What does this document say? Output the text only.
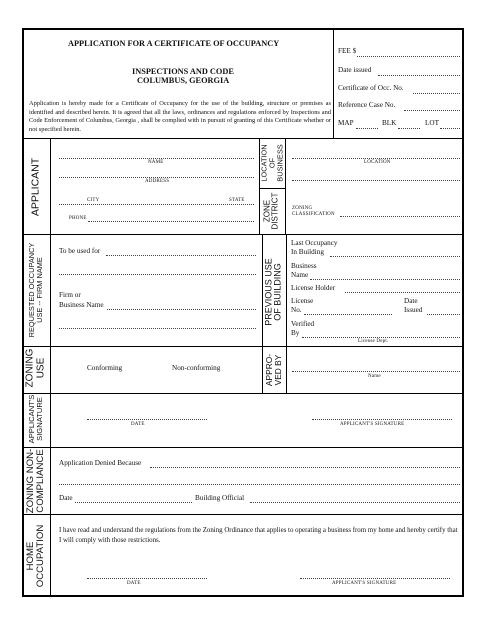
APPLICATION FOR A CERTIFICATE OF OCCUPANCY
INSPECTIONS AND CODE
COLUMBUS, GEORGIA
Application is hereby made for a Certificate of Occupancy for the use of the building, structure or premises as identified and described herein. It is agreed that all the laws, ordinances and regulations enforced by Inspections and Code Enforcement of Columbus, Georgia , shall be complied with in pursuit of granting of this Certificate whether or not specified herein.
FEE $
Date issued
Certificate of Occ. No.
Reference Case No.
MAP	BLK	LOT
APPLICANT	NAME
ADDRESS
CITY	STATE
PHONE
LOCATION OF BUSINESS
ZONE DISTRICT
LOCATION
ZONING
CLASSIFICATION
REQUESTED OCCUPANCY
USE -- FIRM NAME
To be used for
Firm or
Business Name	PREVIOUS USE OF BUILDING
Last Occupancy
In Building
Business
Name
License Holder
License
No.
Date
Issued
Verified
By
License Dept.
ZONING USE	Conforming	Non-conforming	APPRO-
VED BY	Name
APPLICANT'S
SIGNATURE	DATE	APPLICANT'S SIGNATURE
ZONING NON- COMPLIANCE Application Denied Because
Date	Building Official
HOME OCCUPATION I have read and understand the regulations from the Zoning Ordinance that applies to operating a business from my home and hereby certify that I will comply with those restrictions.
DATE	APPLICANT'S SIGNATURE
